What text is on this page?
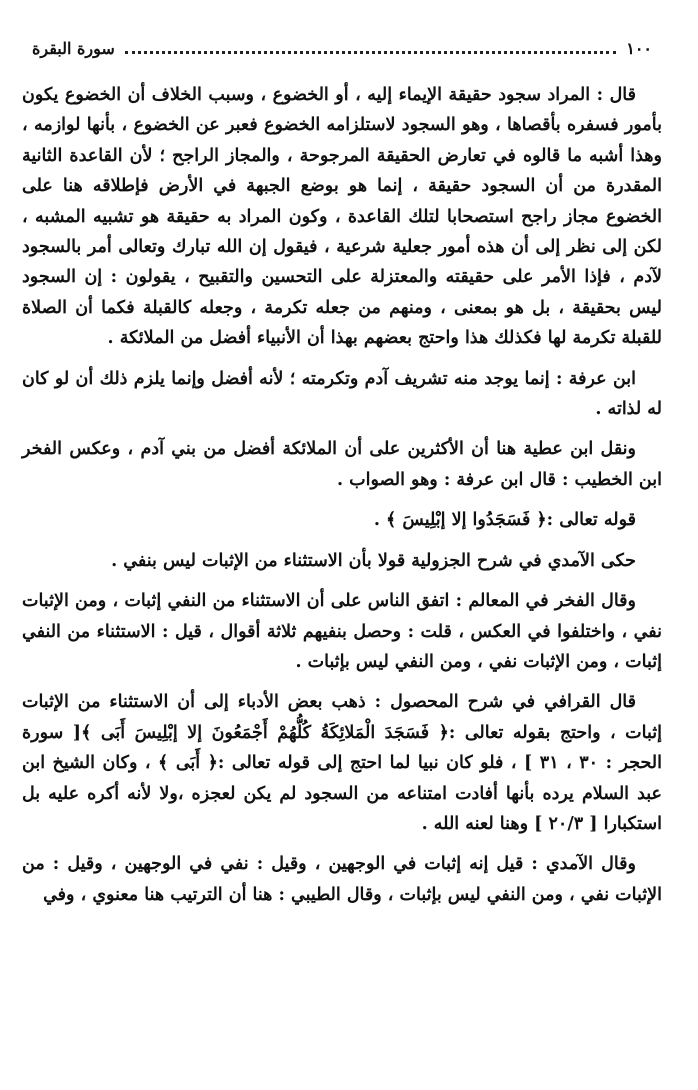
١٠٠
سورة البقرة

قال : المراد سجود حقيقة الإيماء إليه ، أو الخضوع ، وسبب الخلاف أن الخضوع يكون بأمور فسفره بأقصاها ، وهو السجود لاستلزامه الخضوع فعبر عن الخضوع ، بأنها لوازمه ، وهذا أشبه ما قالوه في تعارض الحقيقة المرجوحة ، والمجاز الراجح ؛ لأن القاعدة الثانية المقدرة من أن السجود حقيقة ، إنما هو بوضع الجبهة في الأرض فإطلاقه هنا على الخضوع مجاز راجح استصحابا لتلك القاعدة ، وكون المراد به حقيقة هو تشبيه المشبه ، لكن إلى نظر إلى أن هذه أمور جعلية شرعية ، فيقول إن الله تبارك وتعالى أمر بالسجود لآدم ، فإذا الأمر على حقيقته والمعتزلة على التحسين والتقبيح ، يقولون : إن السجود ليس بحقيقة ، بل هو بمعنى ، ومنهم من جعله تكرمة ، وجعله كالقبلة فكما أن الصلاة للقبلة تكرمة لها فكذلك هذا واحتج بعضهم بهذا أن الأنبياء أفضل من الملائكة .

ابن عرفة : إنما يوجد منه تشريف آدم وتكرمته ؛ لأنه أفضل وإنما يلزم ذلك أن لو كان له لذاته .

ونقل ابن عطية هنا أن الأكثرين على أن الملائكة أفضل من بني آدم ، وعكس الفخر ابن الخطيب : قال ابن عرفة : وهو الصواب .

قوله تعالى :﴿ فَسَجَدُوا إلا إبْلِيسَ ﴾ .

حكى الآمدي في شرح الجزولية قولا بأن الاستثناء من الإثبات ليس بنفي .

وقال الفخر في المعالم : اتفق الناس على أن الاستثناء من النفي إثبات ، ومن الإثبات نفي ، واختلفوا في العكس ، قلت : وحصل بنفيهم ثلاثة أقوال ، قيل : الاستثناء من النفي إثبات ، ومن الإثبات نفي ، ومن النفي ليس بإثبات .

قال القرافي في شرح المحصول : ذهب بعض الأدباء إلى أن الاستثناء من الإثبات إثبات ، واحتج بقوله تعالى :﴿ فَسَجَدَ الْمَلائِكَةُ كُلُّهُمْ أَجْمَعُونَ إلا إبْلِيسَ أَبَى ﴾[ سورة الحجر : ٣٠ ، ٣١ ] ، فلو كان نبيا لما احتج إلى قوله تعالى :﴿ أَبَى ﴾ ، وكان الشيخ ابن عبد السلام يرده بأنها أفادت امتناعه من السجود لم يكن لعجزه ،ولا لأنه أكره عليه بل استكبارا [ ٢٠/٣ ] وهنا لعنه الله .

وقال الآمدي : قيل إنه إثبات في الوجهين ، وقيل : نفي في الوجهين ، وقيل : من الإثبات نفي ، ومن النفي ليس بإثبات ، وقال الطيبي : هنا أن الترتيب هنا معنوي ، وفي
